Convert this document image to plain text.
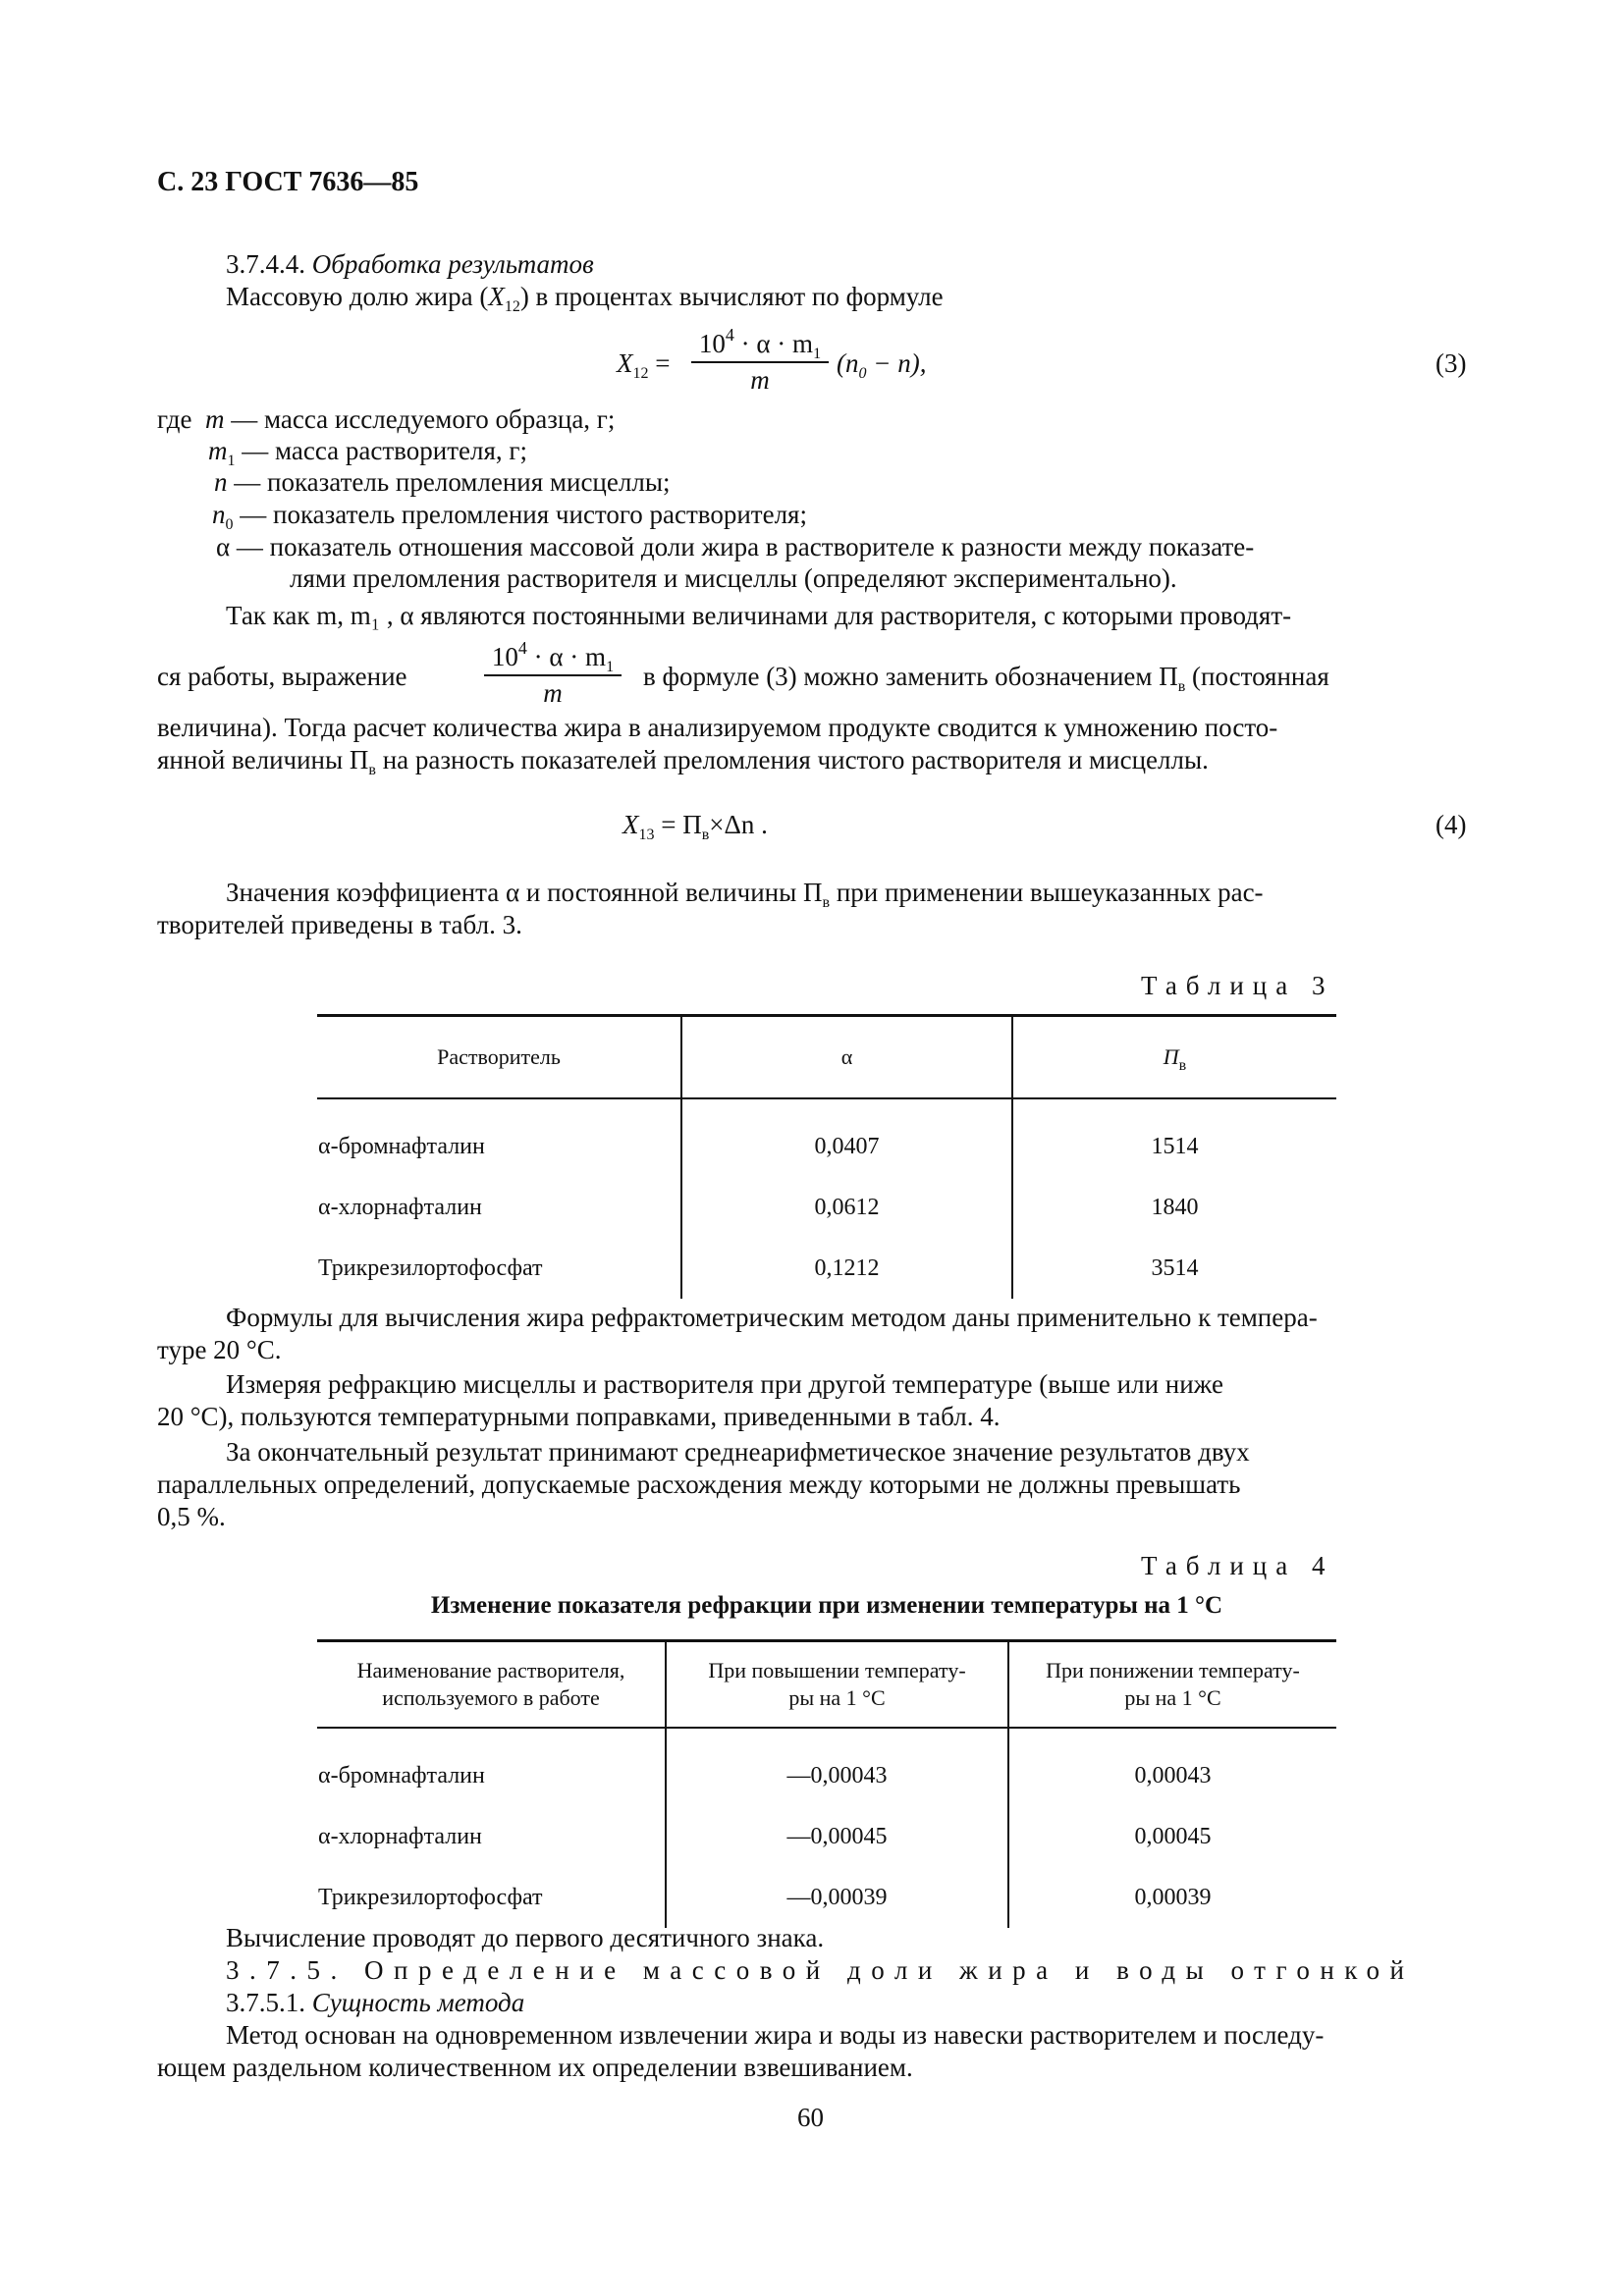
С. 23 ГОСТ 7636—85
3.7.4.4. Обработка результатов
Массовую долю жира $(X_{12})$ в процентах вычисляют по формуле
$X_{12}$ =
$10^4 \cdot \alpha \cdot m_1$
m
$(n_0 - n)$,	(3)
где m — масса исследуемого образца, г;
$m_1$ — масса растворителя, г;
n — показатель преломления мисцеллы;
$n_0$ — показатель преломления чистого растворителя;
α — показатель отношения массовой доли жира в растворителе к разности между показате-
лями преломления растворителя и мисцеллы (определяют экспериментально).
Так как m, m₁ , α являются постоянными величинами для растворителя, с которыми проводят-
ся работы, выражение
$10^4 \cdot \alpha \cdot m_1$
m
в формуле (3) можно заменить обозначением $П_в$ (постоянная
величина). Тогда расчет количества жира в анализируемом продукте сводится к умножению посто-
янной величины $П_в$ на разность показателей преломления чистого растворителя и мисцеллы.
$X_{13} = П_в\times\Delta n$ .	(4)
Значения коэффициента α и постоянной величины $П_в$ при применении вышеуказанных рас-
творителей приведены в табл. 3.
Таблица 3
Растворитель	α	$П_в$
α-бромнафталин	0,0407	1514
α-хлорнафталин	0,0612	1840
Трикрезилортофосфат	0,1212	3514
Формулы для вычисления жира рефрактометрическим методом даны применительно к темпера-
туре 20 °C.
Измеряя рефракцию мисцеллы и растворителя при другой температуре (выше или ниже
20 °C), пользуются температурными поправками, приведенными в табл. 4.
За окончательный результат принимают среднеарифметическое значение результатов двух
параллельных определений, допускаемые расхождения между которыми не должны превышать
0,5 %.
Таблица 4
Изменение показателя рефракции при изменении температуры на 1 °C
Наименование растворителя,
используемого в работе	При повышении температу-
ры на 1 °C	При понижении температу-
ры на 1 °C
α-бромнафталин	—0,00043	0,00043
α-хлорнафталин	—0,00045	0,00045
Трикрезилортофосфат	—0,00039	0,00039
Вычисление проводят до первого десятичного знака.
3.7.5. Определение массовой доли жира и воды отгонкой
3.7.5.1. Сущность метода
Метод основан на одновременном извлечении жира и воды из навески растворителем и последу-
ющем раздельном количественном их определении взвешиванием.
60
